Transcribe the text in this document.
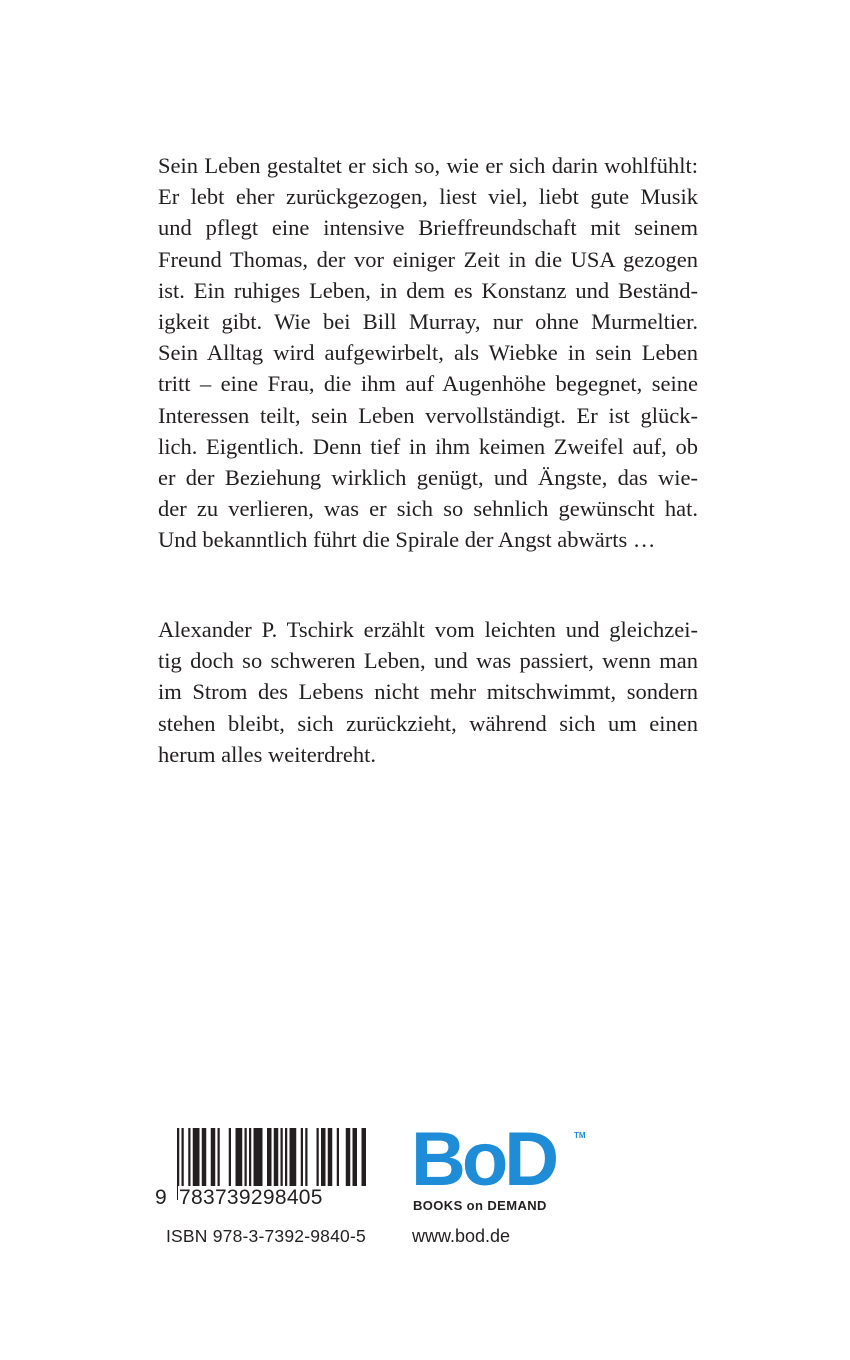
Sein Leben gestaltet er sich so, wie er sich darin wohlfühlt:
Er lebt eher zurückgezogen, liest viel, liebt gute Musik
und pflegt eine intensive Brieffreundschaft mit seinem
Freund Thomas, der vor einiger Zeit in die USA gezogen
ist. Ein ruhiges Leben, in dem es Konstanz und Beständ-
igkeit gibt. Wie bei Bill Murray, nur ohne Murmeltier.
Sein Alltag wird aufgewirbelt, als Wiebke in sein Leben
tritt – eine Frau, die ihm auf Augenhöhe begegnet, seine
Interessen teilt, sein Leben vervollständigt. Er ist glück-
lich. Eigentlich. Denn tief in ihm keimen Zweifel auf, ob
er der Beziehung wirklich genügt, und Ängste, das wie-
der zu verlieren, was er sich so sehnlich gewünscht hat.
Und bekanntlich führt die Spirale der Angst abwärts …
Alexander P. Tschirk erzählt vom leichten und gleichzei-
tig doch so schweren Leben, und was passiert, wenn man
im Strom des Lebens nicht mehr mitschwimmt, sondern
stehen bleibt, sich zurückzieht, während sich um einen
herum alles weiterdreht.
9 783739298405
ISBN 978-3-7392-9840-5
BoD TM
BOOKS on DEMAND
www.bod.de
